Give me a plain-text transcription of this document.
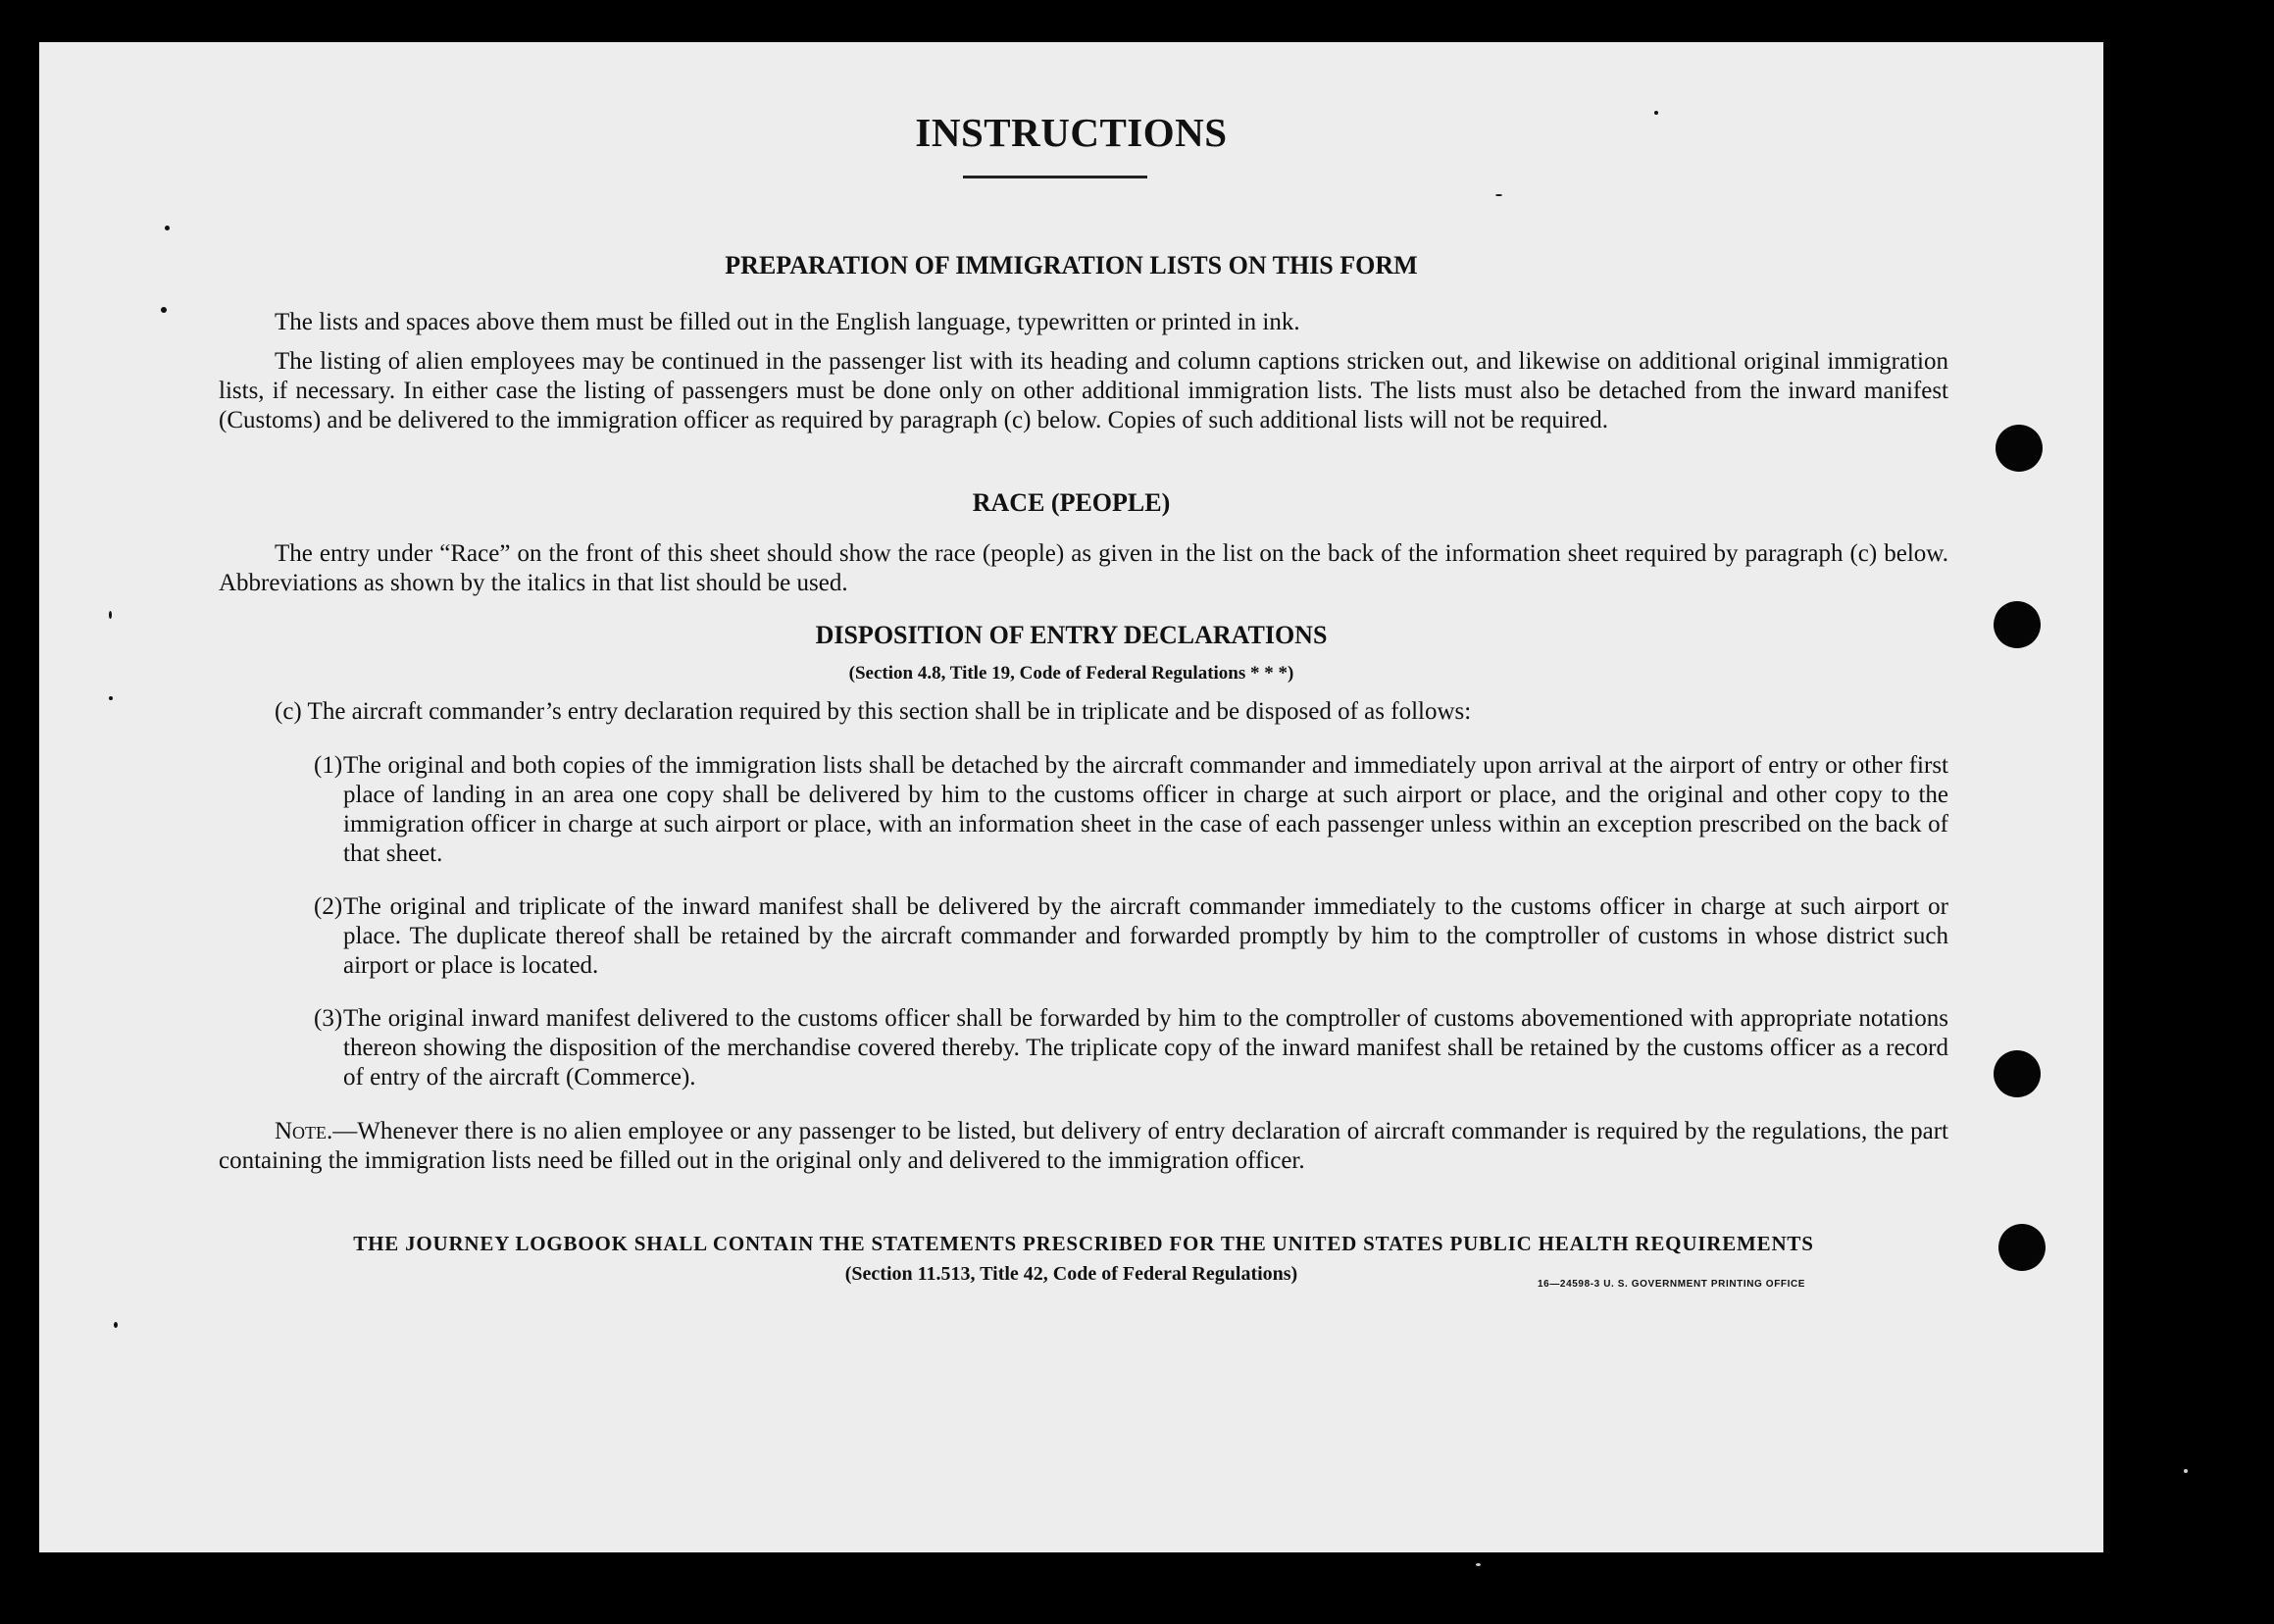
INSTRUCTIONS
PREPARATION OF IMMIGRATION LISTS ON THIS FORM
The lists and spaces above them must be filled out in the English language, typewritten or printed in ink.
The listing of alien employees may be continued in the passenger list with its heading and column captions stricken out, and likewise on additional original immigration lists, if necessary. In either case the listing of passengers must be done only on other additional immigration lists. The lists must also be detached from the inward manifest (Customs) and be delivered to the immigration officer as required by paragraph (c) below. Copies of such additional lists will not be required.
RACE (PEOPLE)
The entry under “Race” on the front of this sheet should show the race (people) as given in the list on the back of the information sheet required by paragraph (c) below. Abbreviations as shown by the italics in that list should be used.
DISPOSITION OF ENTRY DECLARATIONS
(Section 4.8, Title 19, Code of Federal Regulations * * *)
(c) The aircraft commander’s entry declaration required by this section shall be in triplicate and be disposed of as follows:
(1) The original and both copies of the immigration lists shall be detached by the aircraft commander and immediately upon arrival at the airport of entry or other first place of landing in an area one copy shall be delivered by him to the customs officer in charge at such airport or place, and the original and other copy to the immigration officer in charge at such airport or place, with an information sheet in the case of each passenger unless within an exception prescribed on the back of that sheet.
(2) The original and triplicate of the inward manifest shall be delivered by the aircraft commander immediately to the customs officer in charge at such airport or place. The duplicate thereof shall be retained by the aircraft commander and forwarded promptly by him to the comptroller of customs in whose district such airport or place is located.
(3) The original inward manifest delivered to the customs officer shall be forwarded by him to the comptroller of customs abovementioned with appropriate notations thereon showing the disposition of the merchandise covered thereby. The triplicate copy of the inward manifest shall be retained by the customs officer as a record of entry of the aircraft (Commerce).
Note.—Whenever there is no alien employee or any passenger to be listed, but delivery of entry declaration of aircraft commander is required by the regulations, the part containing the immigration lists need be filled out in the original only and delivered to the immigration officer.
THE JOURNEY LOGBOOK SHALL CONTAIN THE STATEMENTS PRESCRIBED FOR THE UNITED STATES PUBLIC HEALTH REQUIREMENTS
(Section 11.513, Title 42, Code of Federal Regulations)	16—24598-3 U. S. GOVERNMENT PRINTING OFFICE
